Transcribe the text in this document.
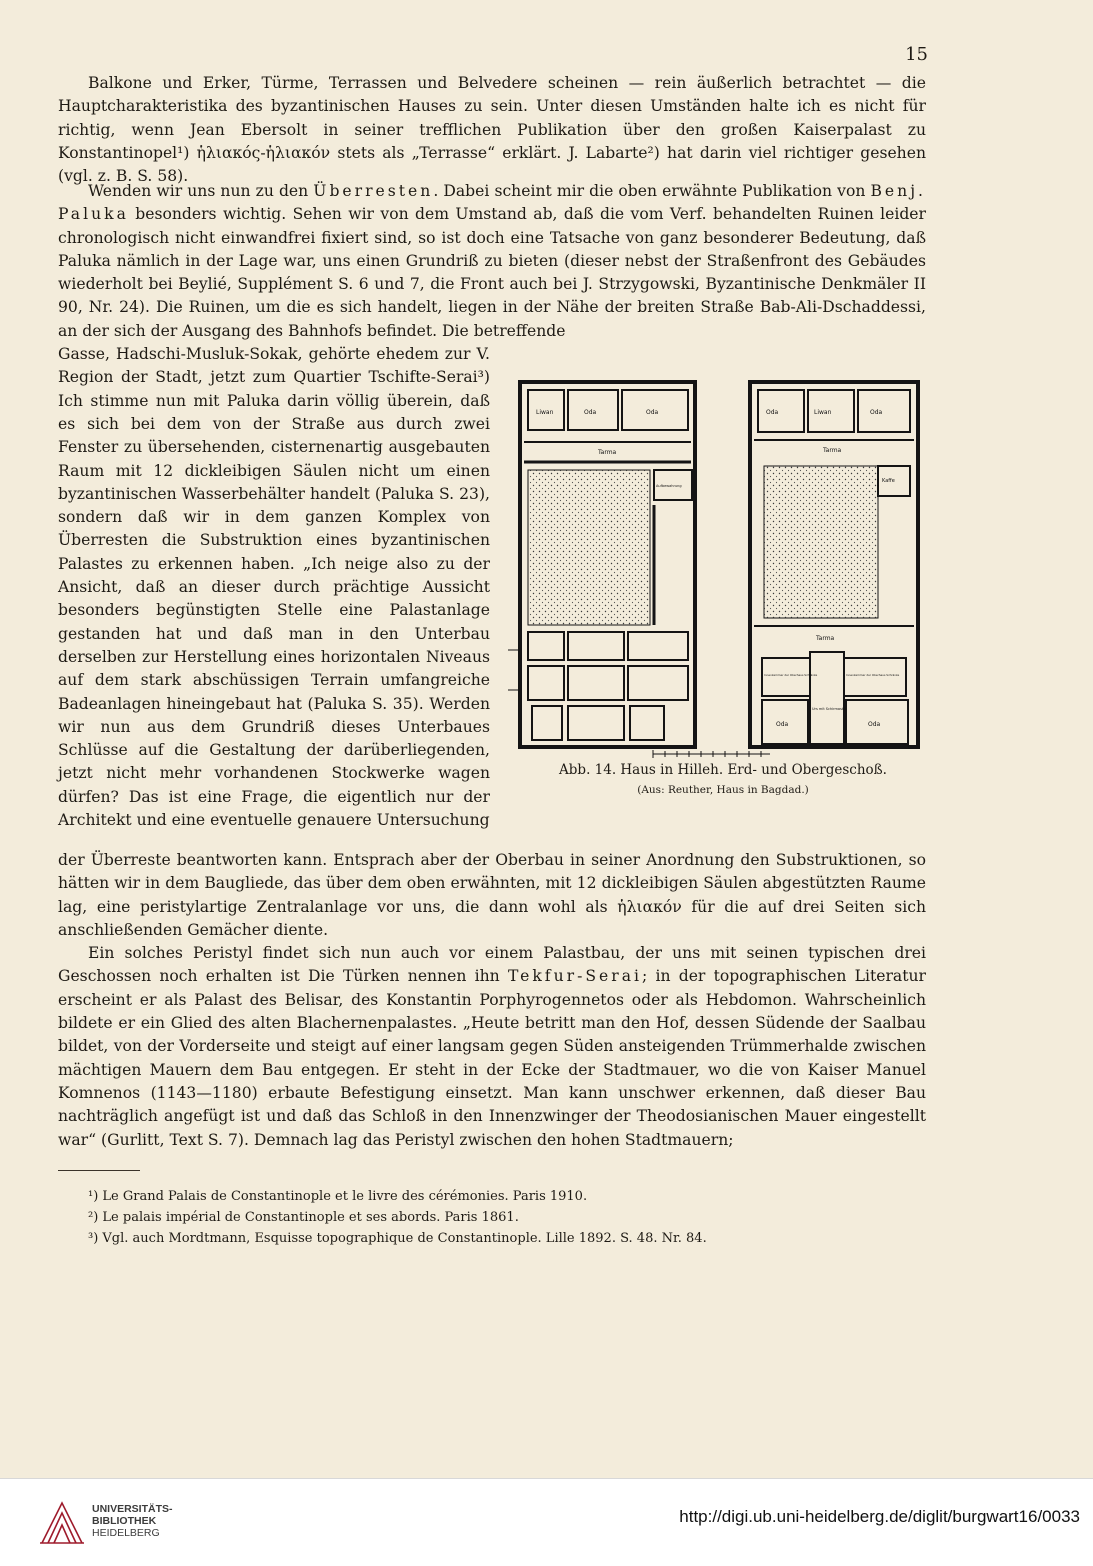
15

Balkone und Erker, Türme, Terrassen und Belvedere scheinen — rein äußerlich betrachtet — die Hauptcharakteristika des byzantinischen Hauses zu sein. Unter diesen Umständen halte ich es nicht für richtig, wenn Jean Ebersolt in seiner trefflichen Publikation über den großen Kaiserpalast zu Konstantinopel¹) ἡλιακός-ἡλιακόν stets als „Terrasse“ erklärt. J. Labarte²) hat darin viel richtiger gesehen (vgl. z. B. S. 58).

Wenden wir uns nun zu den Überresten. Dabei scheint mir die oben erwähnte Publikation von Benj. Paluka besonders wichtig. Sehen wir von dem Umstand ab, daß die vom Verf. behandelten Ruinen leider chronologisch nicht einwandfrei fixiert sind, so ist doch eine Tatsache von ganz besonderer Bedeutung, daß Paluka nämlich in der Lage war, uns einen Grundriß zu bieten (dieser nebst der Straßenfront des Gebäudes wiederholt bei Beylié, Supplément S. 6 und 7, die Front auch bei J. Strzygowski, Byzantinische Denkmäler II 90, Nr. 24). Die Ruinen, um die es sich handelt, liegen in der Nähe der breiten Straße Bab-Ali-Dschaddessi, an der sich der Ausgang des Bahnhofs befindet. Die betreffende

Gasse, Hadschi-Musluk-Sokak, gehörte ehedem zur V. Region der Stadt, jetzt zum Quartier Tschifte-Serai³) Ich stimme nun mit Paluka darin völlig überein, daß es sich bei dem von der Straße aus durch zwei Fenster zu übersehenden, cisternenartig ausgebauten Raum mit 12 dickleibigen Säulen nicht um einen byzantinischen Wasserbehälter handelt (Paluka S. 23), sondern daß wir in dem ganzen Komplex von Überresten die Substruktion eines byzantinischen Palastes zu erkennen haben. „Ich neige also zu der Ansicht, daß an dieser durch prächtige Aussicht besonders begünstigten Stelle eine Palastanlage gestanden hat und daß man in den Unterbau derselben zur Herstellung eines horizontalen Niveaus auf dem stark abschüssigen Terrain umfangreiche Badeanlagen hineingebaut hat (Paluka S. 35). Werden wir nun aus dem Grundriß dieses Unterbaues Schlüsse auf die Gestaltung der darüberliegenden, jetzt nicht mehr vorhandenen Stockwerke wagen dürfen? Das ist eine Frage, die eigentlich nur der Architekt und eine eventuelle genauere Untersuchung

Liwan	Oda	Oda
Tarma
Aufbewahrung
Oda	Liwan	Oda
Tarma
Kaffe
Tarma
Innenkammer der Oberhaus Schränke	Innenkammer der Oberhaus Schränke
Urs mit Schirmaskil
Oda	Oda
Abb. 14. Haus in Hilleh. Erd- und Obergeschoß.
(Aus: Reuther, Haus in Bagdad.)

der Überreste beantworten kann. Entsprach aber der Oberbau in seiner Anordnung den Substruktionen, so hätten wir in dem Baugliede, das über dem oben erwähnten, mit 12 dickleibigen Säulen abgestützten Raume lag, eine peristylartige Zentralanlage vor uns, die dann wohl als ἡλιακόν für die auf drei Seiten sich anschließenden Gemächer diente.

Ein solches Peristyl findet sich nun auch vor einem Palastbau, der uns mit seinen typischen drei Geschossen noch erhalten ist Die Türken nennen ihn Tekfur-Serai; in der topographischen Literatur erscheint er als Palast des Belisar, des Konstantin Porphyrogennetos oder als Hebdomon. Wahrscheinlich bildete er ein Glied des alten Blachernenpalastes. „Heute betritt man den Hof, dessen Südende der Saalbau bildet, von der Vorderseite und steigt auf einer langsam gegen Süden ansteigenden Trümmerhalde zwischen mächtigen Mauern dem Bau entgegen. Er steht in der Ecke der Stadtmauer, wo die von Kaiser Manuel Komnenos (1143—1180) erbaute Befestigung einsetzt. Man kann unschwer erkennen, daß dieser Bau nachträglich angefügt ist und daß das Schloß in den Innenzwinger der Theodosianischen Mauer eingestellt war“ (Gurlitt, Text S. 7). Demnach lag das Peristyl zwischen den hohen Stadtmauern;

¹) Le Grand Palais de Constantinople et le livre des cérémonies. Paris 1910.
²) Le palais impérial de Constantinople et ses abords. Paris 1861.
³) Vgl. auch Mordtmann, Esquisse topographique de Constantinople. Lille 1892. S. 48. Nr. 84.
UNIVERSITÄTS-
BIBLIOTHEK
HEIDELBERG
http://digi.ub.uni-heidelberg.de/diglit/burgwart16/0033
